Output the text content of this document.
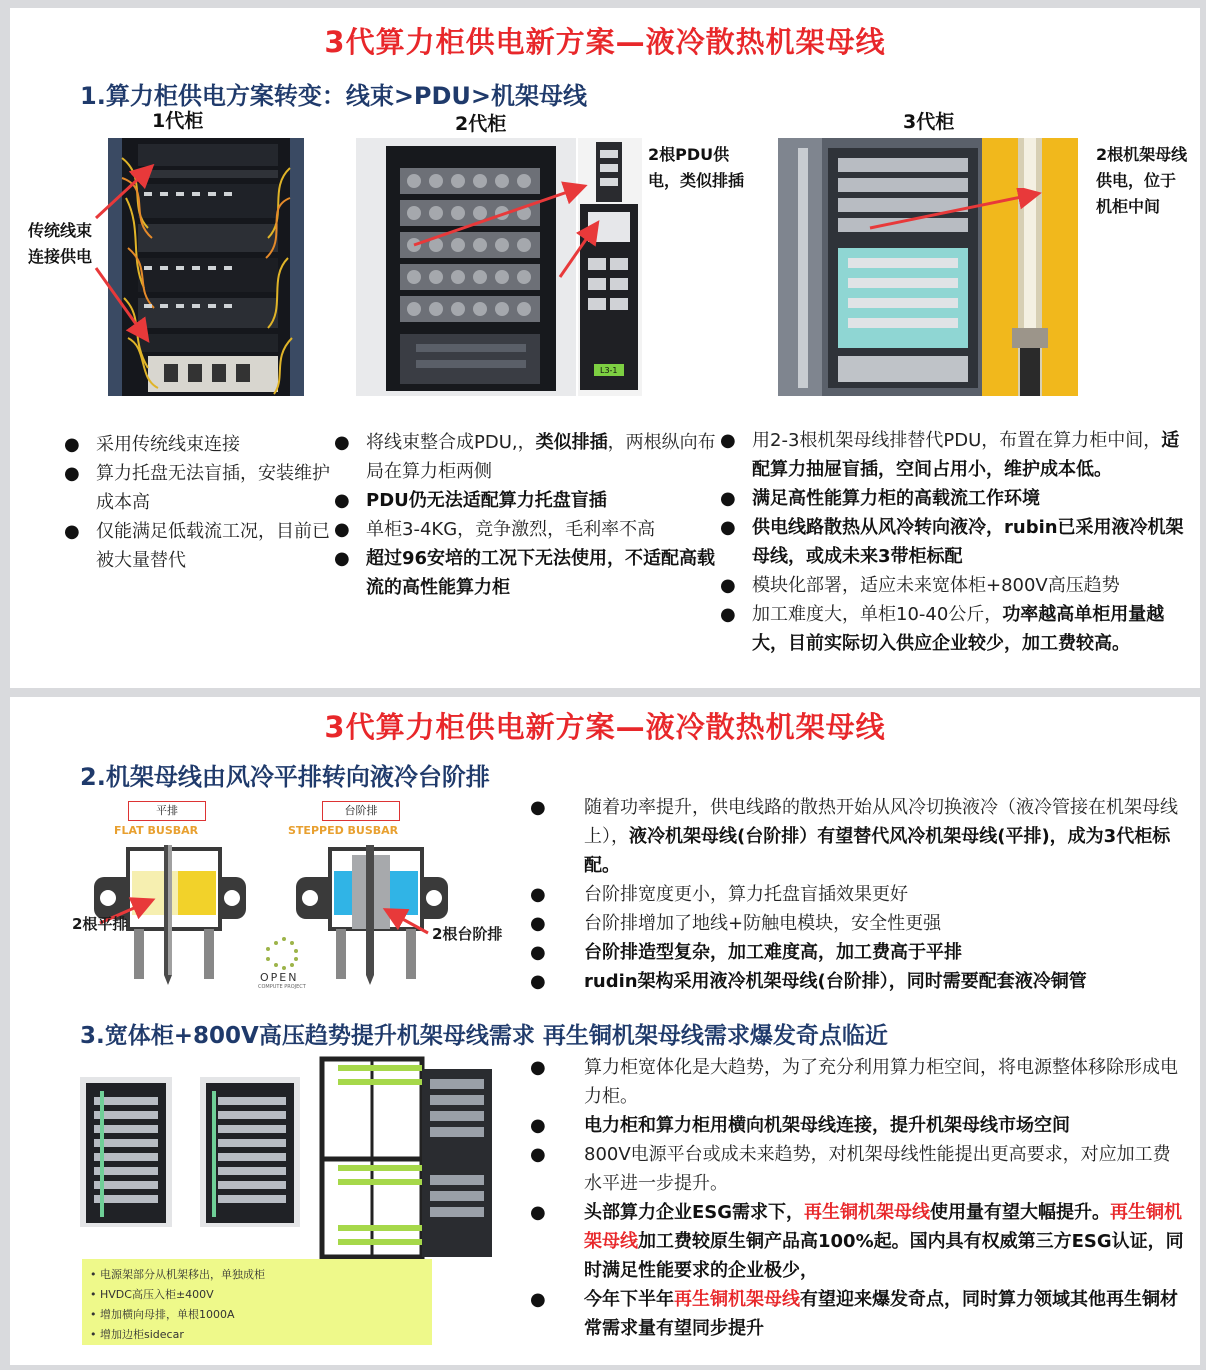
3代算力柜供电新方案—液冷散热机架母线
1.算力柜供电方案转变：线束>PDU>机架母线
1代柜	2代柜	3代柜
传统线束
连接供电
L3-1
2根PDU供
电，类似排插
2根机架母线
供电，位于
机柜中间
● 采用传统线束连接
● 算力托盘无法盲插，安装维护成本高
● 仅能满足低载流工况，目前已被大量替代
● 将线束整合成PDU,，类似排插，两根纵向布局在算力柜两侧
● PDU仍无法适配算力托盘盲插
● 单柜3-4KG，竞争激烈，毛利率不高
● 超过96安培的工况下无法使用，不适配高载流的高性能算力柜
● 用2-3根机架母线排替代PDU，布置在算力柜中间，适配算力抽屉盲插，空间占用小，维护成本低。
● 满足高性能算力柜的高载流工作环境
● 供电线路散热从风冷转向液冷，rubin已采用液冷机架母线，或成未来3带柜标配
● 模块化部署，适应未来宽体柜+800V高压趋势
● 加工难度大，单柜10-40公斤，功率越高单柜用量越大，目前实际切入供应企业较少，加工费较高。
3代算力柜供电新方案—液冷散热机架母线
2.机架母线由风冷平排转向液冷台阶排
平排
FLAT BUSBAR
台阶排
STEPPED BUSBAR
2根平排
2根台阶排
OPEN
COMPUTE PROJECT
●	随着功率提升，供电线路的散热开始从风冷切换液冷（液冷管接在机架母线上），液冷机架母线(台阶排）有望替代风冷机架母线(平排)，成为3代柜标配。
●	台阶排宽度更小，算力托盘盲插效果更好
●	台阶排增加了地线+防触电模块，安全性更强
●	台阶排造型复杂，加工难度高，加工费高于平排
●	rudin架构采用液冷机架母线(台阶排），同时需要配套液冷铜管
3.宽体柜+800V高压趋势提升机架母线需求 再生铜机架母线需求爆发奇点临近
• 电源架部分从机架移出，单独成柜
• HVDC高压入柜±400V
• 增加横向母排，单根1000A
• 增加边柜sidecar
●	算力柜宽体化是大趋势，为了充分利用算力柜空间，将电源整体移除形成电力柜。
●	电力柜和算力柜用横向机架母线连接，提升机架母线市场空间
●	800V电源平台或成未来趋势，对机架母线性能提出更高要求，对应加工费水平进一步提升。
●	头部算力企业ESG需求下，再生铜机架母线使用量有望大幅提升。再生铜机架母线加工费较原生铜产品高100%起。国内具有权威第三方ESG认证，同时满足性能要求的企业极少，
●	今年下半年再生铜机架母线有望迎来爆发奇点，同时算力领域其他再生铜材常需求量有望同步提升
